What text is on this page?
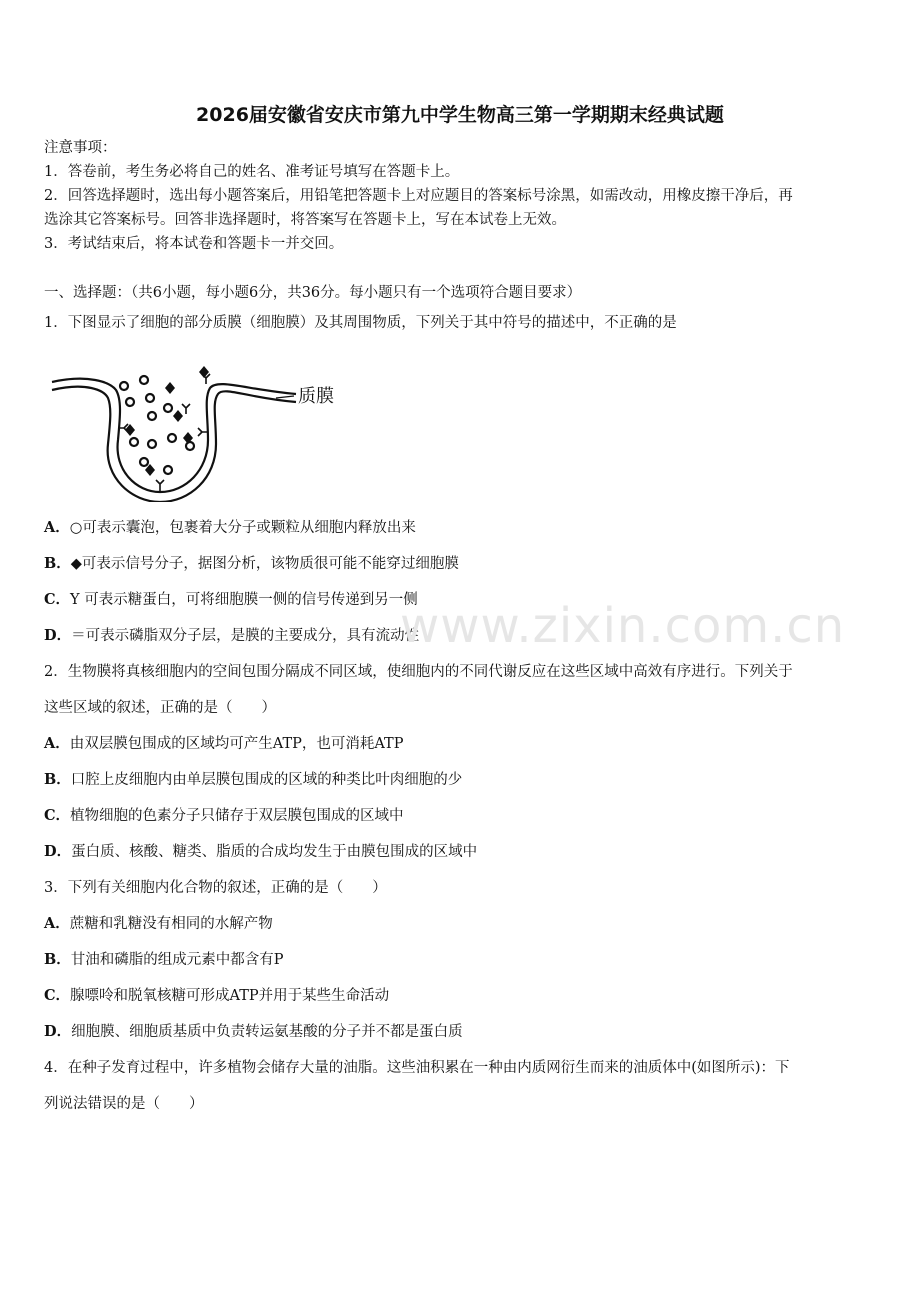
2026届安徽省安庆市第九中学生物高三第一学期期末经典试题
注意事项：
1．答卷前，考生务必将自己的姓名、准考证号填写在答题卡上。
2．回答选择题时，选出每小题答案后，用铅笔把答题卡上对应题目的答案标号涂黑，如需改动，用橡皮擦干净后，再
选涂其它答案标号。回答非选择题时，将答案写在答题卡上，写在本试卷上无效。
3．考试结束后，将本试卷和答题卡一并交回。
一、选择题：（共6小题，每小题6分，共36分。每小题只有一个选项符合题目要求）
1．下图显示了细胞的部分质膜（细胞膜）及其周围物质，下列关于其中符号的描述中，不正确的是
质膜
A．○可表示囊泡，包裹着大分子或颗粒从细胞内释放出来
B．◆可表示信号分子，据图分析，该物质很可能不能穿过细胞膜
C．Y 可表示糖蛋白，可将细胞膜一侧的信号传递到另一侧
D．＝可表示磷脂双分子层，是膜的主要成分，具有流动性
www.zixin.com.cn
2．生物膜将真核细胞内的空间包围分隔成不同区域，使细胞内的不同代谢反应在这些区域中高效有序进行。下列关于
这些区域的叙述，正确的是（　　）
A．由双层膜包围成的区域均可产生ATP，也可消耗ATP
B．口腔上皮细胞内由单层膜包围成的区域的种类比叶肉细胞的少
C．植物细胞的色素分子只储存于双层膜包围成的区域中
D．蛋白质、核酸、糖类、脂质的合成均发生于由膜包围成的区域中
3．下列有关细胞内化合物的叙述，正确的是（　　）
A．蔗糖和乳糖没有相同的水解产物
B．甘油和磷脂的组成元素中都含有P
C．腺嘌呤和脱氧核糖可形成ATP并用于某些生命活动
D．细胞膜、细胞质基质中负责转运氨基酸的分子并不都是蛋白质
4．在种子发育过程中，许多植物会储存大量的油脂。这些油积累在一种由内质网衍生而来的油质体中(如图所示)：下
列说法错误的是（　　）
